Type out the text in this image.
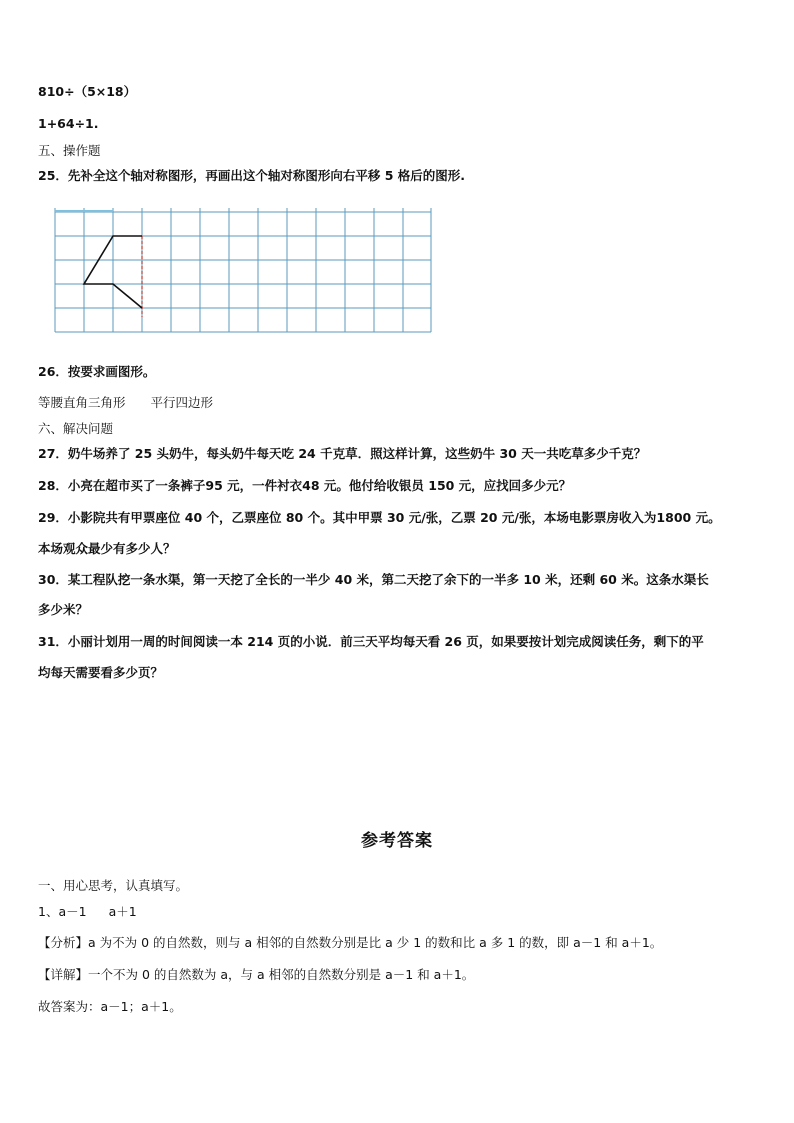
810÷（5×18）
1+64÷1.
五、操作题
25．先补全这个轴对称图形，再画出这个轴对称图形向右平移 5 格后的图形.
26．按要求画图形。
等腰直角三角形　　 平行四边形
六、解决问题
27．奶牛场养了 25 头奶牛，每头奶牛每天吃 24 千克草．照这样计算，这些奶牛 30 天一共吃草多少千克？
28．小亮在超市买了一条裤子95 元，一件衬衣48 元。他付给收银员 150 元，应找回多少元？
29．小影院共有甲票座位 40 个，乙票座位 80 个。其中甲票 30 元/张，乙票 20 元/张，本场电影票房收入为1800 元。
本场观众最少有多少人？
30．某工程队挖一条水渠，第一天挖了全长的一半少 40 米，第二天挖了余下的一半多 10 米，还剩 60 米。这条水渠长
多少米？
31．小丽计划用一周的时间阅读一本 214 页的小说．前三天平均每天看 26 页，如果要按计划完成阅读任务，剩下的平
均每天需要看多少页？
参考答案
一、用心思考，认真填写。
1、a－1 a＋1
【分析】a 为不为 0 的自然数，则与 a 相邻的自然数分别是比 a 少 1 的数和比 a 多 1 的数，即 a－1 和 a＋1。
【详解】一个不为 0 的自然数为 a，与 a 相邻的自然数分别是 a－1 和 a＋1。
故答案为：a－1；a＋1。
